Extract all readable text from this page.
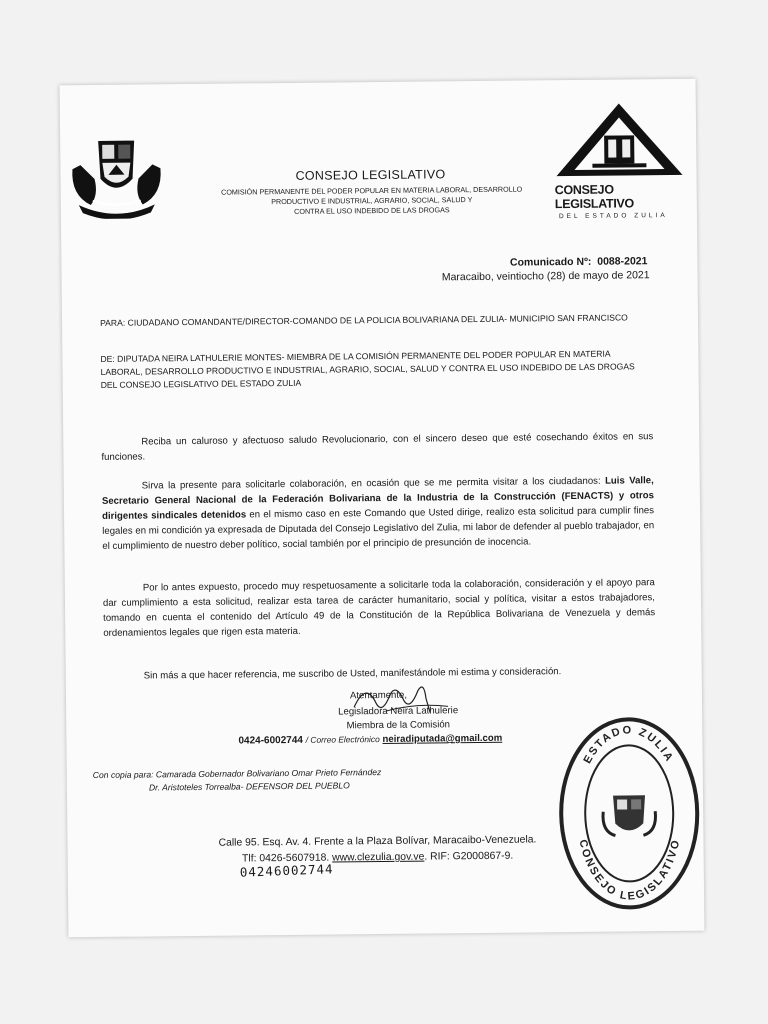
CONSEJO LEGISLATIVO
COMISIÓN PERMANENTE DEL PODER POPULAR EN MATERIA LABORAL, DESARROLLO
PRODUCTIVO E INDUSTRIAL, AGRARIO, SOCIAL, SALUD Y
CONTRA EL USO INDEBIDO DE LAS DROGAS
CONSEJO LEGISLATIVO
DEL ESTADO ZULIA
Comunicado Nº: 0088-2021
Maracaibo, veintiocho (28) de mayo de 2021
PARA: CIUDADANO COMANDANTE/DIRECTOR-COMANDO DE LA POLICIA BOLIVARIANA DEL ZULIA- MUNICIPIO SAN FRANCISCO
DE: DIPUTADA NEIRA LATHULERIE MONTES- MIEMBRA DE LA COMISIÓN PERMANENTE DEL PODER POPULAR EN MATERIA LABORAL, DESARROLLO PRODUCTIVO E INDUSTRIAL, AGRARIO, SOCIAL, SALUD Y CONTRA EL USO INDEBIDO DE LAS DROGAS DEL CONSEJO LEGISLATIVO DEL ESTADO ZULIA
Reciba un caluroso y afectuoso saludo Revolucionario, con el sincero deseo que esté cosechando éxitos en sus funciones.
Sirva la presente para solicitarle colaboración, en ocasión que se me permita visitar a los ciudadanos: Luis Valle, Secretario General Nacional de la Federación Bolivariana de la Industria de la Construcción (FENACTS) y otros dirigentes sindicales detenidos en el mismo caso en este Comando que Usted dirige, realizo esta solicitud para cumplir fines legales en mi condición ya expresada de Diputada del Consejo Legislativo del Zulia, mi labor de defender al pueblo trabajador, en el cumplimiento de nuestro deber político, social también por el principio de presunción de inocencia.
Por lo antes expuesto, procedo muy respetuosamente a solicitarle toda la colaboración, consideración y el apoyo para dar cumplimiento a esta solicitud, realizar esta tarea de carácter humanitario, social y política, visitar a estos trabajadores, tomando en cuenta el contenido del Artículo 49 de la Constitución de la República Bolivariana de Venezuela y demás ordenamientos legales que rigen esta materia.
Sin más a que hacer referencia, me suscribo de Usted, manifestándole mi estima y consideración.
Atentamente,
Legisladora Neira Lathulerie
Miembra de la Comisión
0424-6002744 / Correo Electrónico neiradiputada@gmail.com
Con copia para: Camarada Gobernador Bolivariano Omar Prieto Fernández
Dr. Aristoteles Torrealba- DEFENSOR DEL PUEBLO
Calle 95. Esq. Av. 4. Frente a la Plaza Bolívar, Maracaibo-Venezuela.
Tlf: 0426-5607918. www.clezulia.gov.ve. RIF: G2000867-9.
04246002744
ESTADO ZULIA
CONSEJO LEGISLATIVO
